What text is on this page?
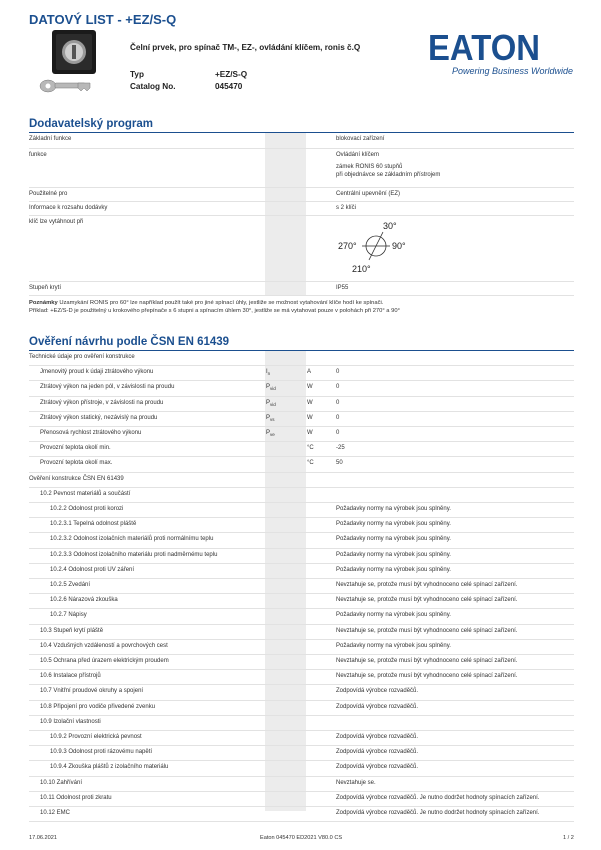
DATOVÝ LIST - +EZ/S-Q
Čelní prvek, pro spínač TM-, EZ-, ovládání klíčem, ronis č.Q
Typ	+EZ/S-Q
Catalog No.	045470
EATON
Powering Business Worldwide
Dodavatelský program
Základní funkce	blokovací zařízení
funkce	Ovládání klíčem
zámek RONIS 60 stupňů
při objednávce se základním přístrojem
Použitelné pro	Centrální upevnění (EZ)
Informace k rozsahu dodávky	s 2 klíči
klíč lze vytáhnout při	30°
270°	90°
210°
Stupeň krytí	IP55
Poznámky Uzamykání RONIS pro 60° lze například použít také pro jiné spínací úhly, jestliže se možnost vytahování klíče hodí ke spínači.
Příklad: +EZ/S-D je použitelný u krokového přepínače s 6 stupni a spínacím úhlem 30°, jestliže se má vytahovat pouze v polohách při 270° a 90°
Ověření návrhu podle ČSN EN 61439
Technické údaje pro ověření konstrukce
Jmenovitý proud k údaji ztrátového výkonu	$I_n$	A	0
Ztrátový výkon na jeden pól, v závislosti na proudu	$P_{vid}$	W	0
Ztrátový výkon přístroje, v závislosti na proudu	$P_{vid}$	W	0
Ztrátový výkon statický, nezávislý na proudu	$P_{vs}$	W	0
Přenosová rychlost ztrátového výkonu	$P_{ve}$	W	0
Provozní teplota okolí min.	°C	-25
Provozní teplota okolí max.	°C	50
Ověření konstrukce ČSN EN 61439
10.2 Pevnost materiálů a součástí
10.2.2 Odolnost proti korozi	Požadavky normy na výrobek jsou splněny.
10.2.3.1 Tepelná odolnost pláště	Požadavky normy na výrobek jsou splněny.
10.2.3.2 Odolnost izolačních materiálů proti normálnímu teplu	Požadavky normy na výrobek jsou splněny.
10.2.3.3 Odolnost izolačního materiálu proti nadměrnému teplu	Požadavky normy na výrobek jsou splněny.
10.2.4 Odolnost proti UV záření	Požadavky normy na výrobek jsou splněny.
10.2.5 Zvedání	Nevztahuje se, protože musí být vyhodnoceno celé spínací zařízení.
10.2.6 Nárazová zkouška	Nevztahuje se, protože musí být vyhodnoceno celé spínací zařízení.
10.2.7 Nápisy	Požadavky normy na výrobek jsou splněny.
10.3 Stupeň krytí pláště	Nevztahuje se, protože musí být vyhodnoceno celé spínací zařízení.
10.4 Vzdušných vzdáleností a povrchových cest	Požadavky normy na výrobek jsou splněny.
10.5 Ochrana před úrazem elektrickým proudem	Nevztahuje se, protože musí být vyhodnoceno celé spínací zařízení.
10.6 Instalace přístrojů	Nevztahuje se, protože musí být vyhodnoceno celé spínací zařízení.
10.7 Vnitřní proudové okruhy a spojení	Zodpovídá výrobce rozvaděčů.
10.8 Připojení pro vodiče přivedené zvenku	Zodpovídá výrobce rozvaděčů.
10.9 Izolační vlastnosti
10.9.2 Provozní elektrická pevnost	Zodpovídá výrobce rozvaděčů.
10.9.3 Odolnost proti rázovému napětí	Zodpovídá výrobce rozvaděčů.
10.9.4 Zkouška pláštů z izolačního materiálu	Zodpovídá výrobce rozvaděčů.
10.10 Zahřívání	Nevztahuje se.
10.11 Odolnost proti zkratu	Zodpovídá výrobce rozvaděčů. Je nutno dodržet hodnoty spínacích zařízení.
10.12 EMC	Zodpovídá výrobce rozvaděčů. Je nutno dodržet hodnoty spínacích zařízení.
17.06.2021	Eaton 045470 ED2021 V80.0 CS	1 / 2
